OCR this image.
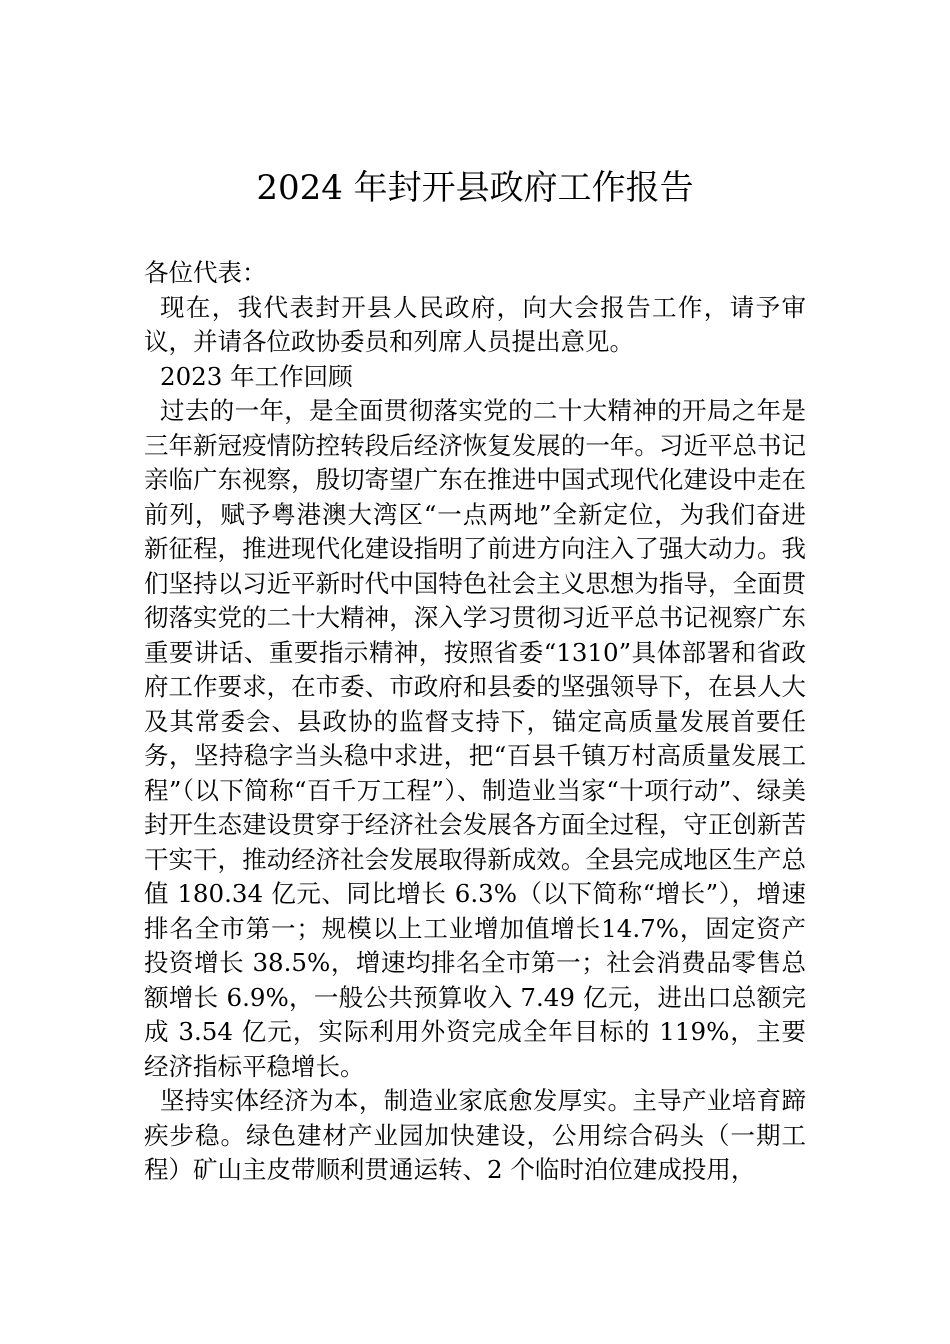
2024 年封开县政府工作报告

各位代表：

现在，我代表封开县人民政府，向大会报告工作，请予审议，并请各位政协委员和列席人员提出意见。

2023 年工作回顾

过去的一年，是全面贯彻落实党的二十大精神的开局之年是三年新冠疫情防控转段后经济恢复发展的一年。习近平总书记亲临广东视察，殷切寄望广东在推进中国式现代化建设中走在前列，赋予粤港澳大湾区“一点两地”全新定位，为我们奋进新征程，推进现代化建设指明了前进方向注入了强大动力。我们坚持以习近平新时代中国特色社会主义思想为指导，全面贯彻落实党的二十大精神，深入学习贯彻习近平总书记视察广东重要讲话、重要指示精神，按照省委“1310”具体部署和省政府工作要求，在市委、市政府和县委的坚强领导下，在县人大及其常委会、县政协的监督支持下，锚定高质量发展首要任务，坚持稳字当头稳中求进，把“百县千镇万村高质量发展工程”（以下简称“百千万工程”）、制造业当家“十项行动”、绿美封开生态建设贯穿于经济社会发展各方面全过程，守正创新苦干实干，推动经济社会发展取得新成效。全县完成地区生产总值 180.34 亿元、同比增长 6.3%（以下简称“增长”），增速排名全市第一；规模以上工业增加值增长14.7%，固定资产投资增长 38.5%，增速均排名全市第一；社会消费品零售总额增长 6.9%，一般公共预算收入 7.49 亿元，进出口总额完成 3.54 亿元，实际利用外资完成全年目标的 119%，主要经济指标平稳增长。

坚持实体经济为本，制造业家底愈发厚实。主导产业培育蹄疾步稳。绿色建材产业园加快建设，公用综合码头（一期工程）矿山主皮带顺利贯通运转、2 个临时泊位建成投用，
